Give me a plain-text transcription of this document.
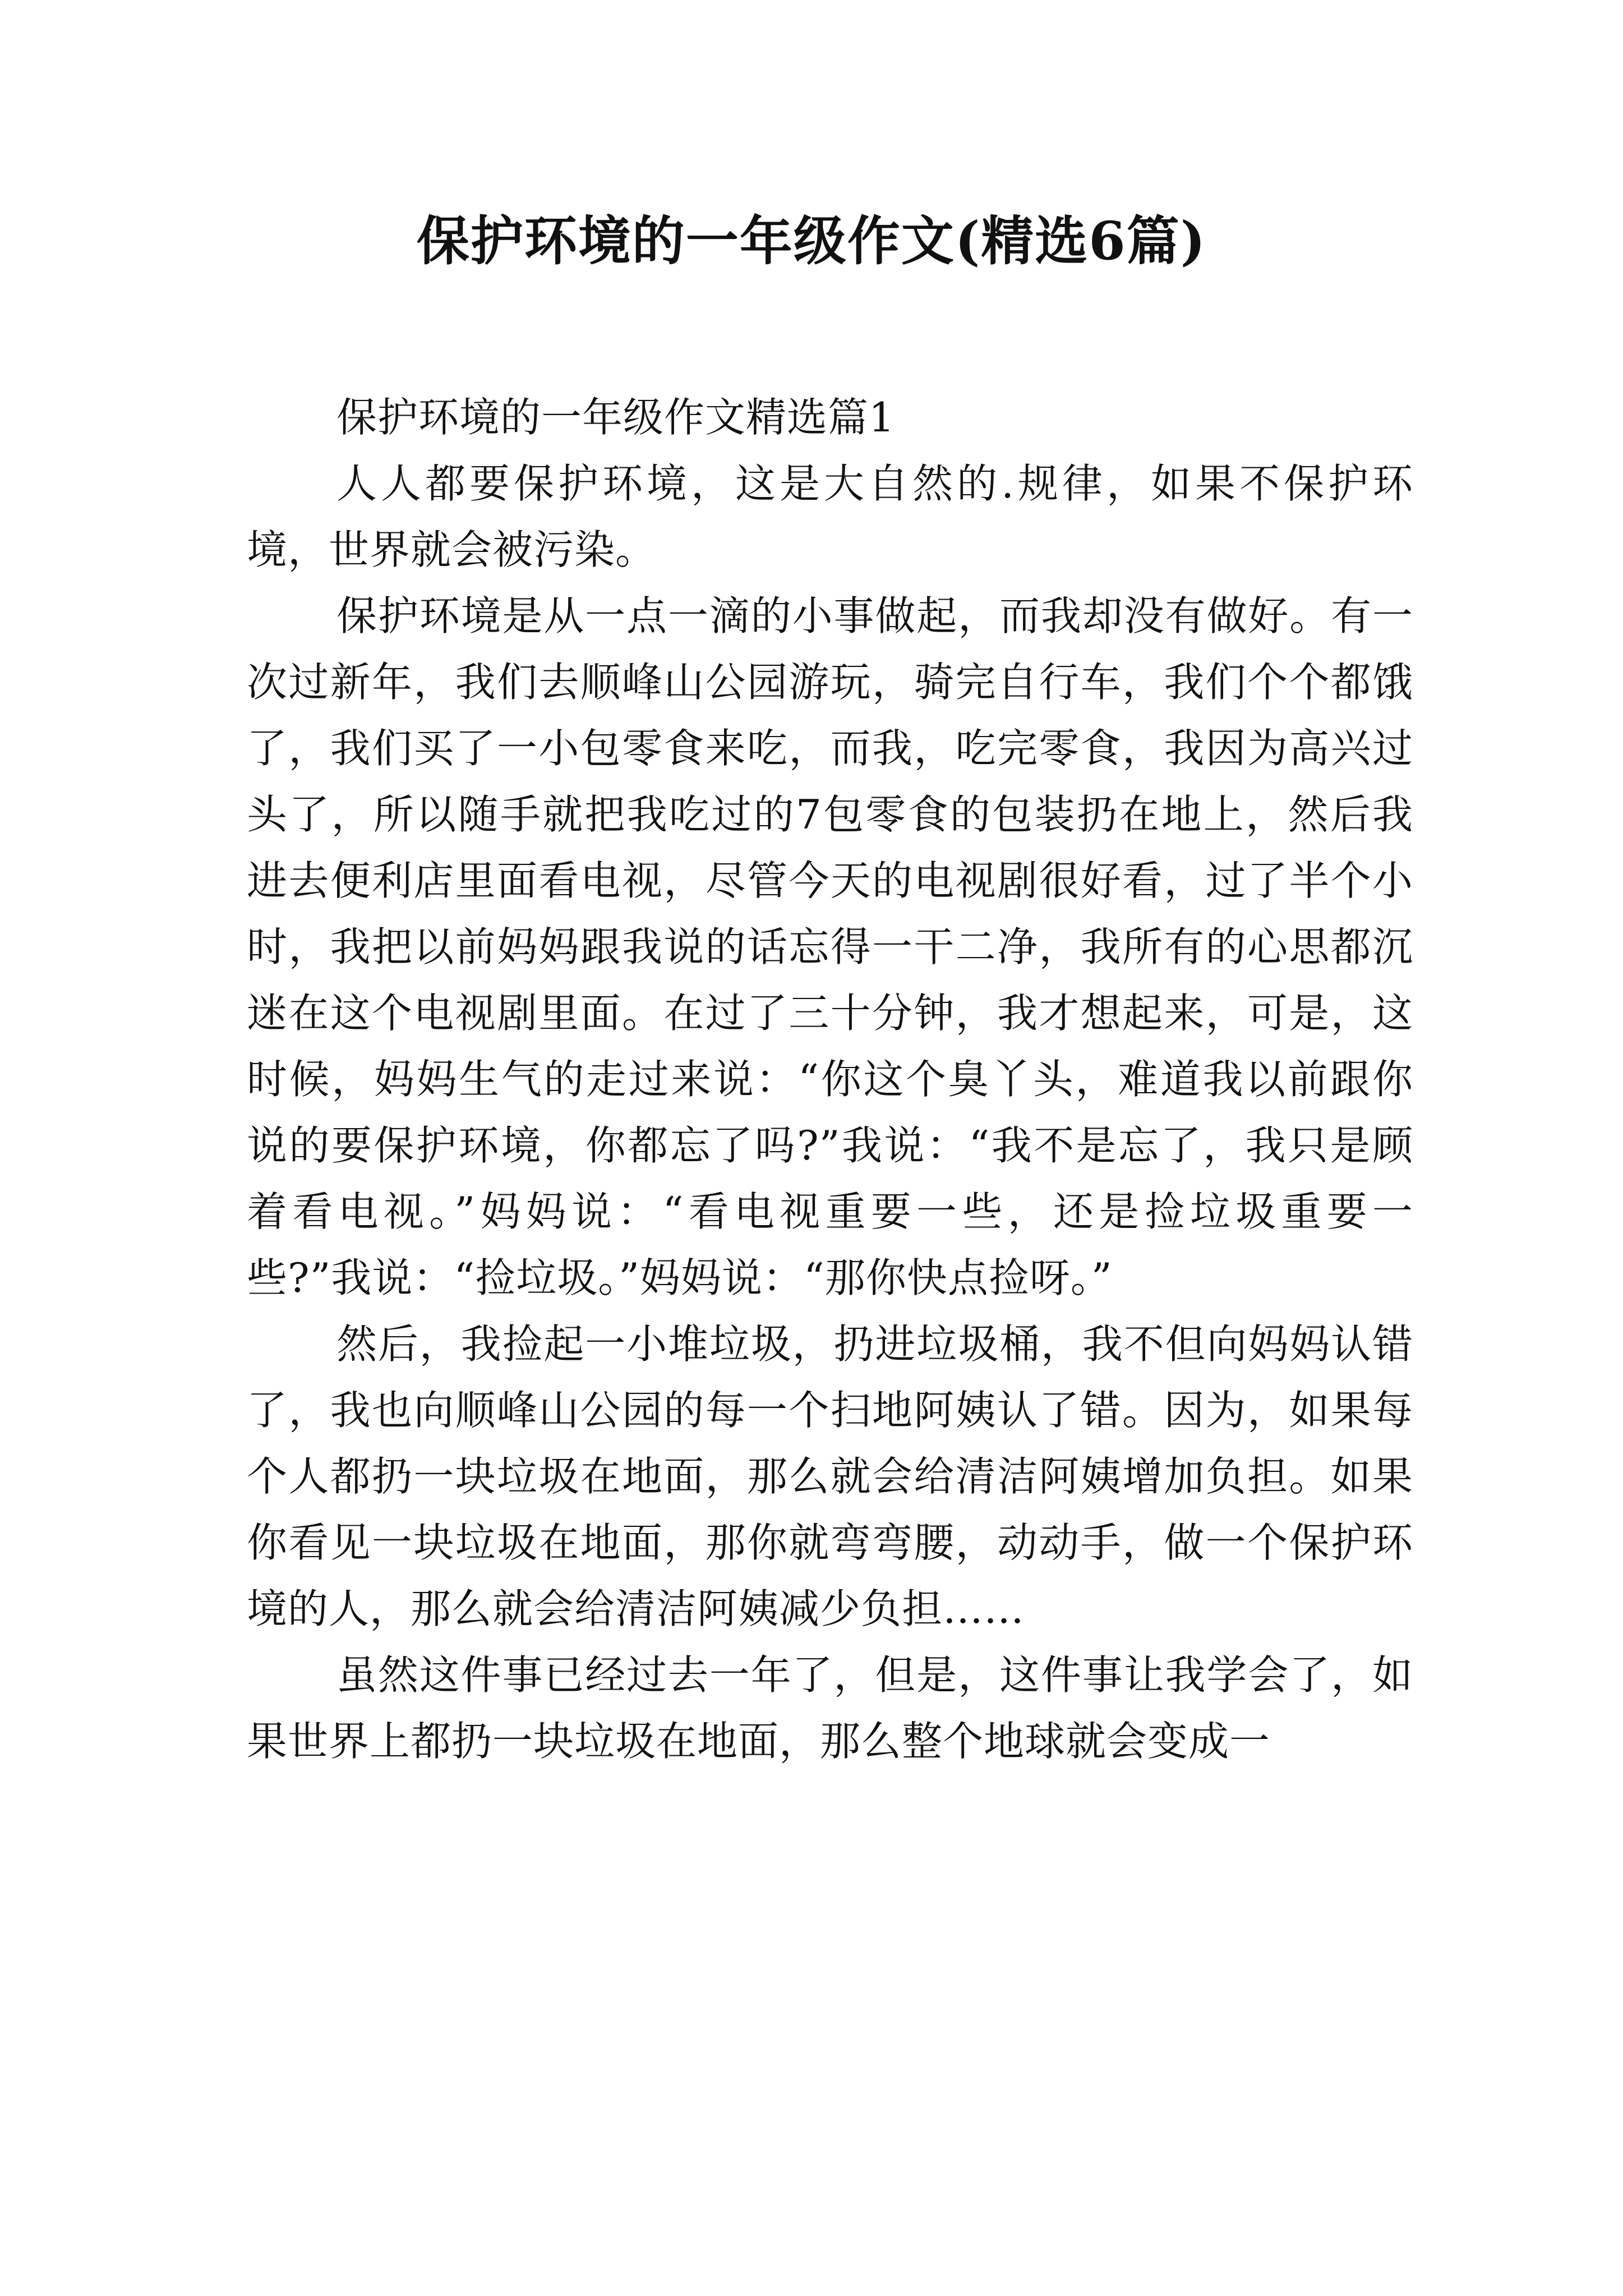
保护环境的一年级作文(精选6篇)

保护环境的一年级作文精选篇1

人人都要保护环境，这是大自然的.规律，如果不保护环境，世界就会被污染。

保护环境是从一点一滴的小事做起，而我却没有做好。有一次过新年，我们去顺峰山公园游玩，骑完自行车，我们个个都饿了，我们买了一小包零食来吃，而我，吃完零食，我因为高兴过头了，所以随手就把我吃过的7包零食的包装扔在地上，然后我进去便利店里面看电视，尽管今天的电视剧很好看，过了半个小时，我把以前妈妈跟我说的话忘得一干二净，我所有的心思都沉迷在这个电视剧里面。在过了三十分钟，我才想起来，可是，这时候，妈妈生气的走过来说：“你这个臭丫头，难道我以前跟你说的要保护环境，你都忘了吗?”我说：“我不是忘了，我只是顾着看电视。”妈妈说：“看电视重要一些，还是捡垃圾重要一些?”我说：“捡垃圾。”妈妈说：“那你快点捡呀。”

然后，我捡起一小堆垃圾，扔进垃圾桶，我不但向妈妈认错了，我也向顺峰山公园的每一个扫地阿姨认了错。因为，如果每个人都扔一块垃圾在地面，那么就会给清洁阿姨增加负担。如果你看见一块垃圾在地面，那你就弯弯腰，动动手，做一个保护环境的人，那么就会给清洁阿姨减少负担……

虽然这件事已经过去一年了，但是，这件事让我学会了，如果世界上都扔一块垃圾在地面，那么整个地球就会变成一
